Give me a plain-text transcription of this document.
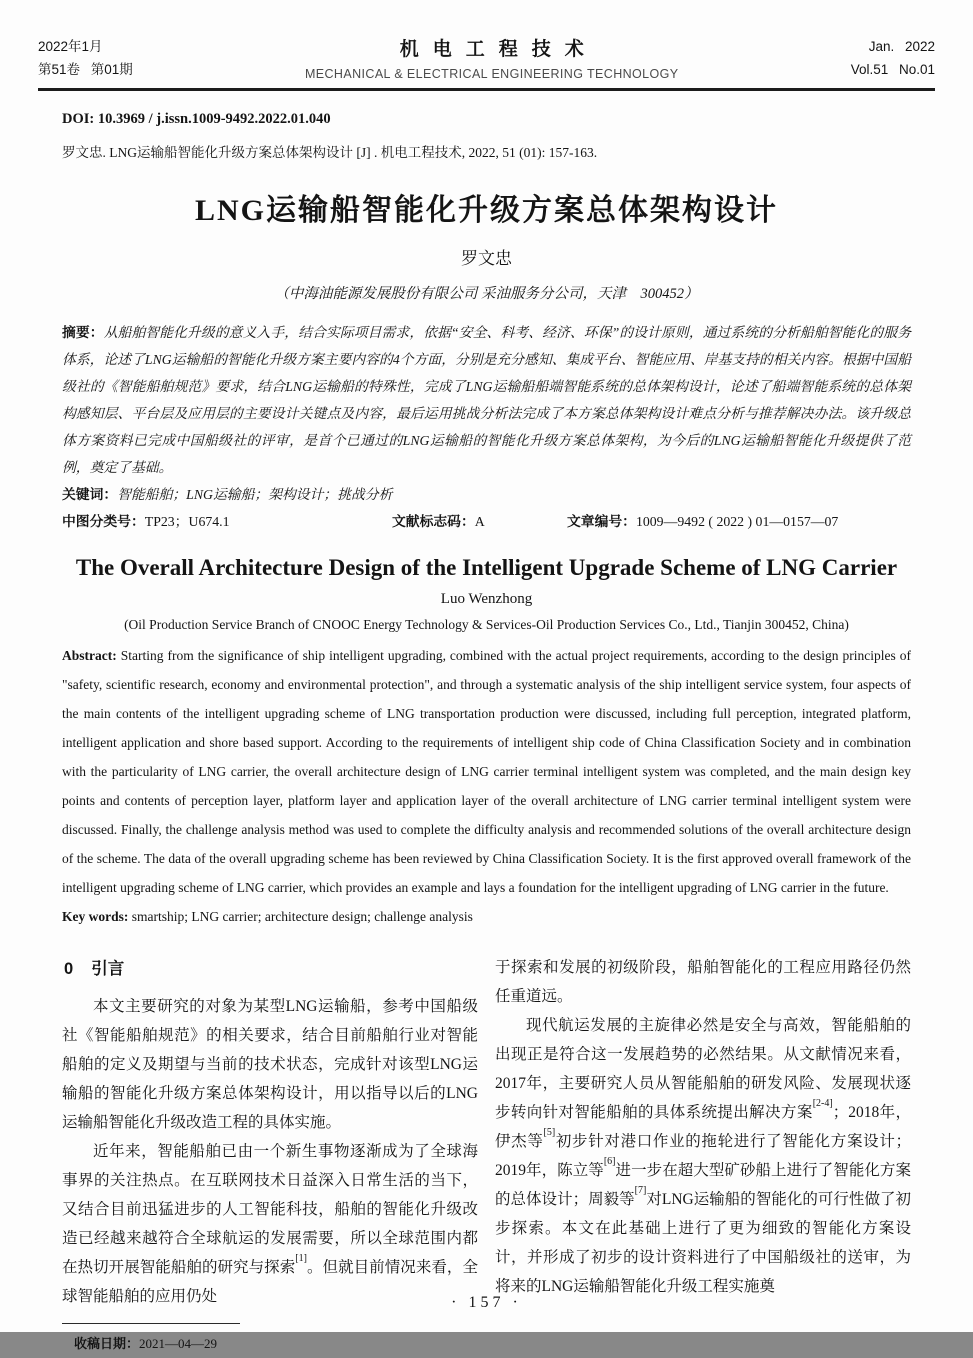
2022年1月
第51卷 第01期
机电工程技术
MECHANICAL & ELECTRICAL ENGINEERING TECHNOLOGY
Jan. 2022
Vol.51 No.01

DOI: 10.3969 / j.issn.1009-9492.2022.01.040

罗文忠. LNG运输船智能化升级方案总体架构设计 [J] . 机电工程技术, 2022, 51 (01): 157-163.

LNG运输船智能化升级方案总体架构设计
罗文忠
（中海油能源发展股份有限公司 采油服务分公司，天津　300452）

摘要：从船舶智能化升级的意义入手，结合实际项目需求，依据“安全、科考、经济、环保”的设计原则，通过系统的分析船舶智能化的服务体系，论述了LNG运输船的智能化升级方案主要内容的4个方面，分别是充分感知、集成平台、智能应用、岸基支持的相关内容。根据中国船级社的《智能船舶规范》要求，结合LNG运输船的特殊性，完成了LNG运输船船端智能系统的总体架构设计，论述了船端智能系统的总体架构感知层、平台层及应用层的主要设计关键点及内容，最后运用挑战分析法完成了本方案总体架构设计难点分析与推荐解决办法。该升级总体方案资料已完成中国船级社的评审，是首个已通过的LNG运输船的智能化升级方案总体架构，为今后的LNG运输船智能化升级提供了范例，奠定了基础。

关键词：智能船舶；LNG运输船；架构设计；挑战分析

中图分类号：TP23；U674.1	文献标志码：A	文章编号：1009—9492 ( 2022 ) 01—0157—07

The Overall Architecture Design of the Intelligent Upgrade Scheme of LNG Carrier
Luo Wenzhong
(Oil Production Service Branch of CNOOC Energy Technology & Services-Oil Production Services Co., Ltd., Tianjin 300452, China)

Abstract: Starting from the significance of ship intelligent upgrading, combined with the actual project requirements, according to the design principles of "safety, scientific research, economy and environmental protection", and through a systematic analysis of the ship intelligent service system, four aspects of the main contents of the intelligent upgrading scheme of LNG transportation production were discussed, including full perception, integrated platform, intelligent application and shore based support. According to the requirements of intelligent ship code of China Classification Society and in combination with the particularity of LNG carrier, the overall architecture design of LNG carrier terminal intelligent system was completed, and the main design key points and contents of perception layer, platform layer and application layer of the overall architecture of LNG carrier terminal intelligent system were discussed. Finally, the challenge analysis method was used to complete the difficulty analysis and recommended solutions of the overall architecture design of the scheme. The data of the overall upgrading scheme has been reviewed by China Classification Society. It is the first approved overall framework of the intelligent upgrading scheme of LNG carrier, which provides an example and lays a foundation for the intelligent upgrading of LNG carrier in the future.

Key words: smartship; LNG carrier; architecture design; challenge analysis

0 引言

本文主要研究的对象为某型LNG运输船，参考中国船级社《智能船舶规范》的相关要求，结合目前船舶行业对智能船舶的定义及期望与当前的技术状态，完成针对该型LNG运输船的智能化升级方案总体架构设计，用以指导以后的LNG运输船智能化升级改造工程的具体实施。

近年来，智能船舶已由一个新生事物逐渐成为了全球海事界的关注热点。在互联网技术日益深入日常生活的当下，又结合目前迅猛进步的人工智能科技，船舶的智能化升级改造已经越来越符合全球航运的发展需要，所以全球范围内都在热切开展智能船舶的研究与探索[1]。但就目前情况来看，全球智能船舶的应用仍处

收稿日期：2021—04—29

于探索和发展的初级阶段，船舶智能化的工程应用路径仍然任重道远。

现代航运发展的主旋律必然是安全与高效，智能船舶的出现正是符合这一发展趋势的必然结果。从文献情况来看，2017年，主要研究人员从智能船舶的研发风险、发展现状逐步转向针对智能船舶的具体系统提出解决方案[2-4]；2018年，伊杰等[5]初步针对港口作业的拖轮进行了智能化方案设计；2019年，陈立等[6]进一步在超大型矿砂船上进行了智能化方案的总体设计；周毅等[7]对LNG运输船的智能化的可行性做了初步探索。本文在此基础上进行了更为细致的智能化方案设计，并形成了初步的设计资料进行了中国船级社的送审，为将来的LNG运输船智能化升级工程实施奠

· 157 ·
